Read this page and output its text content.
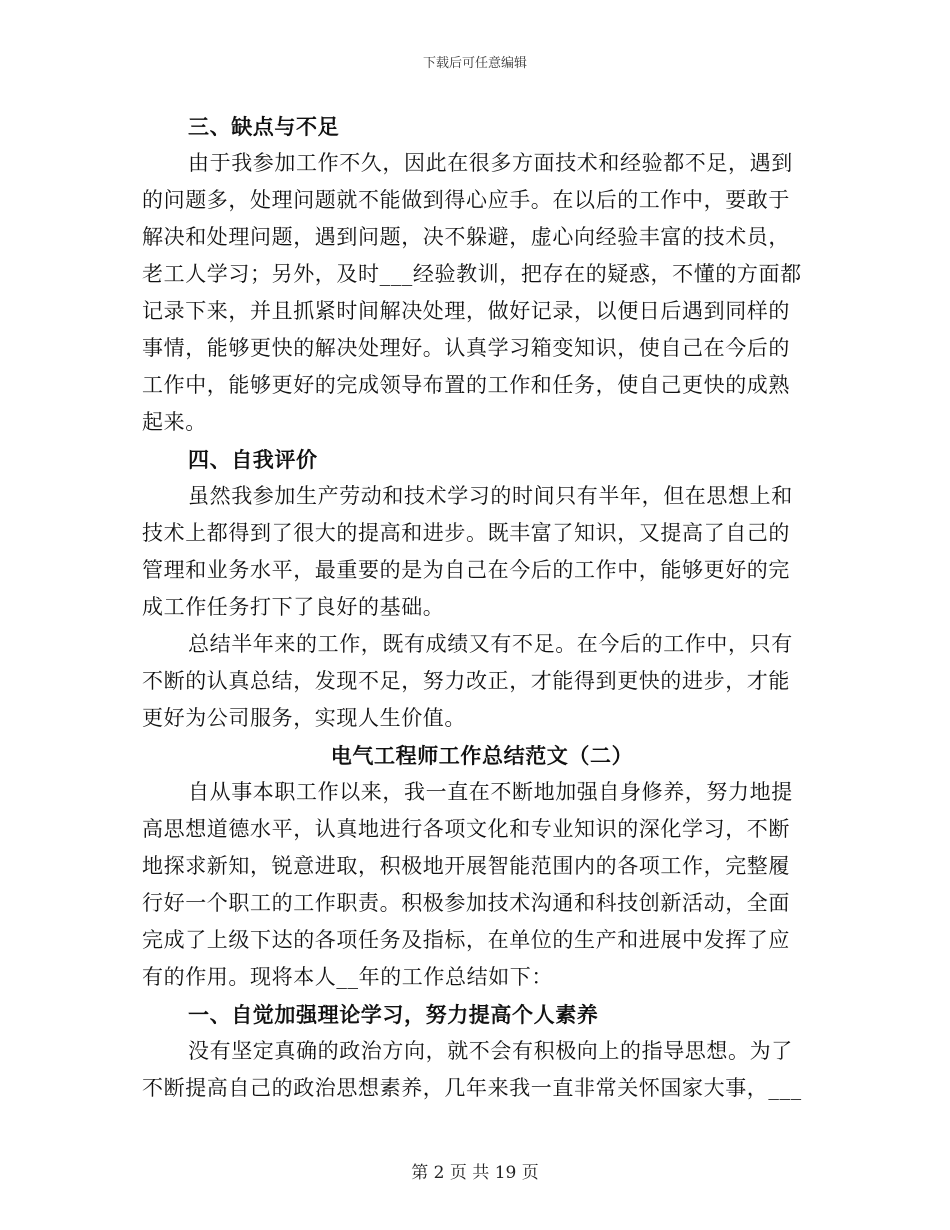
下载后可任意编辑
三、缺点与不足
由于我参加工作不久，因此在很多方面技术和经验都不足，遇到
的问题多，处理问题就不能做到得心应手。在以后的工作中，要敢于
解决和处理问题，遇到问题，决不躲避，虚心向经验丰富的技术员，
老工人学习；另外，及时___经验教训，把存在的疑惑，不懂的方面都
记录下来，并且抓紧时间解决处理，做好记录，以便日后遇到同样的
事情，能够更快的解决处理好。认真学习箱变知识，使自己在今后的
工作中，能够更好的完成领导布置的工作和任务，使自己更快的成熟
起来。
四、自我评价
虽然我参加生产劳动和技术学习的时间只有半年，但在思想上和
技术上都得到了很大的提高和进步。既丰富了知识，又提高了自己的
管理和业务水平，最重要的是为自己在今后的工作中，能够更好的完
成工作任务打下了良好的基础。
总结半年来的工作，既有成绩又有不足。在今后的工作中，只有
不断的认真总结，发现不足，努力改正，才能得到更快的进步，才能
更好为公司服务，实现人生价值。
电气工程师工作总结范文（二）
自从事本职工作以来，我一直在不断地加强自身修养，努力地提
高思想道德水平，认真地进行各项文化和专业知识的深化学习，不断
地探求新知，锐意进取，积极地开展智能范围内的各项工作，完整履
行好一个职工的工作职责。积极参加技术沟通和科技创新活动，全面
完成了上级下达的各项任务及指标，在单位的生产和进展中发挥了应
有的作用。现将本人__年的工作总结如下：
一、自觉加强理论学习，努力提高个人素养
没有坚定真确的政治方向，就不会有积极向上的指导思想。为了
不断提高自己的政治思想素养，几年来我一直非常关怀国家大事，___
第 2 页 共 19 页
